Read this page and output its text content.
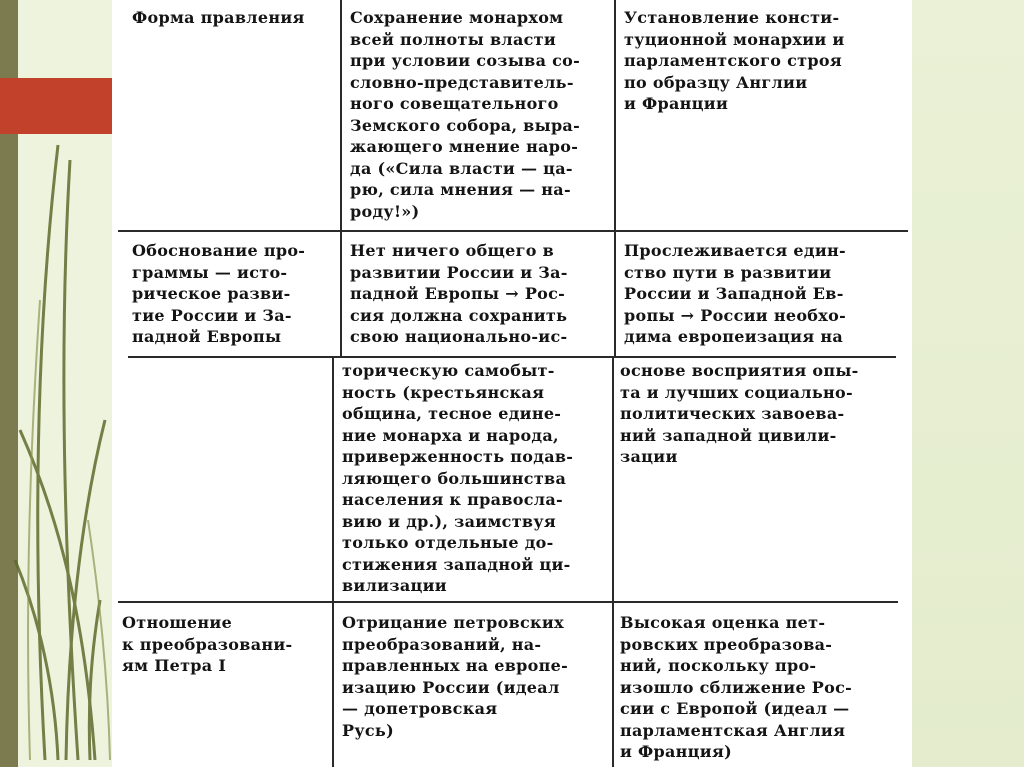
Форма правления	Сохранение монархом
всей полноты власти
при условии созыва со-
словно-представитель-
ного совещательного
Земского собора, выра-
жающего мнение наро-
да («Сила власти — ца-
рю, сила мнения — на-
роду!»)
Установление консти-
туционной монархии и
парламентского строя
по образцу Англии
и Франции
Обоснование про-
граммы — исто-
рическое разви-
тие России и За-
падной Европы
Нет ничего общего в
развитии России и За-
падной Европы → Рос-
сия должна сохранить
свою национально-ис-
Прослеживается един-
ство пути в развитии
России и Западной Ев-
ропы → России необхо-
дима европеизация на
торическую самобыт-
ность (крестьянская
община, тесное едине-
ние монарха и народа,
приверженность подав-
ляющего большинства
населения к правосла-
вию и др.), заимствуя
только отдельные до-
стижения западной ци-
вилизации
основе восприятия опы-
та и лучших социально-
политических завоева-
ний западной цивили-
зации
Отношение
к преобразовани-
ям Петра I
Отрицание петровских
преобразований, на-
правленных на европе-
изацию России (идеал
— допетровская
Русь)
Высокая оценка пет-
ровских преобразова-
ний, поскольку про-
изошло сближение Рос-
сии с Европой (идеал —
парламентская Англия
и Франция)
